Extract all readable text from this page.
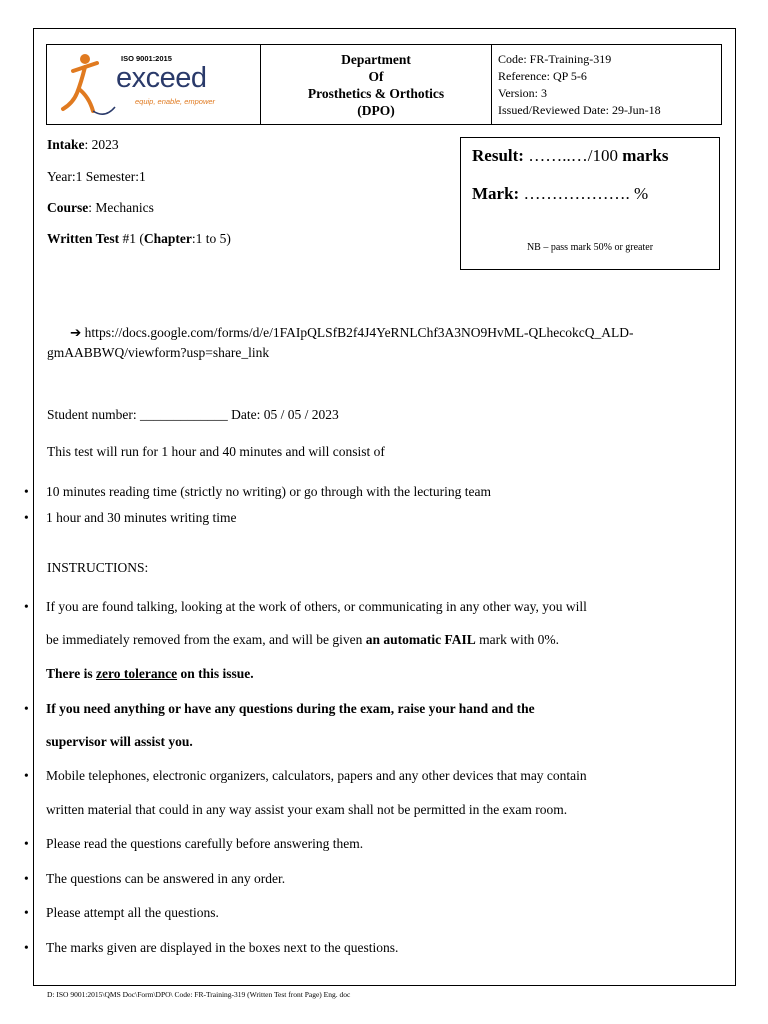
ISO 9001:2015
exceed
equip, enable, empower

Department
Of
Prosthetics & Orthotics
(DPO)

Code: FR-Training-319
Reference: QP 5-6
Version: 3
Issued/Reviewed Date: 29-Jun-18
Intake: 2023
Year:1 Semester:1
Course: Mechanics
Written Test #1 (Chapter:1 to 5)
Result: ……..…/100 marks
Mark: ………………. %
NB – pass mark 50% or greater
➔ https://docs.google.com/forms/d/e/1FAIpQLSfB2f4J4YeRNLChf3A3NO9HvML-QLhecokcQ_ALD-
gmAABBWQ/viewform?usp=share_link
Student number: _____________ Date: 05 / 05 / 2023
This test will run for 1 hour and 40 minutes and will consist of
• 10 minutes reading time (strictly no writing) or go through with the lecturing team
• 1 hour and 30 minutes writing time
INSTRUCTIONS:
• If you are found talking, looking at the work of others, or communicating in any other way, you will
be immediately removed from the exam, and will be given an automatic FAIL mark with 0%.
There is zero tolerance on this issue.
• If you need anything or have any questions during the exam, raise your hand and the
supervisor will assist you.
• Mobile telephones, electronic organizers, calculators, papers and any other devices that may contain
written material that could in any way assist your exam shall not be permitted in the exam room.
• Please read the questions carefully before answering them.
• The questions can be answered in any order.
• Please attempt all the questions.
• The marks given are displayed in the boxes next to the questions.
D: ISO 9001:2015\QMS Doc\Form\DPO\ Code: FR-Training-319 (Written Test front Page) Eng. doc
